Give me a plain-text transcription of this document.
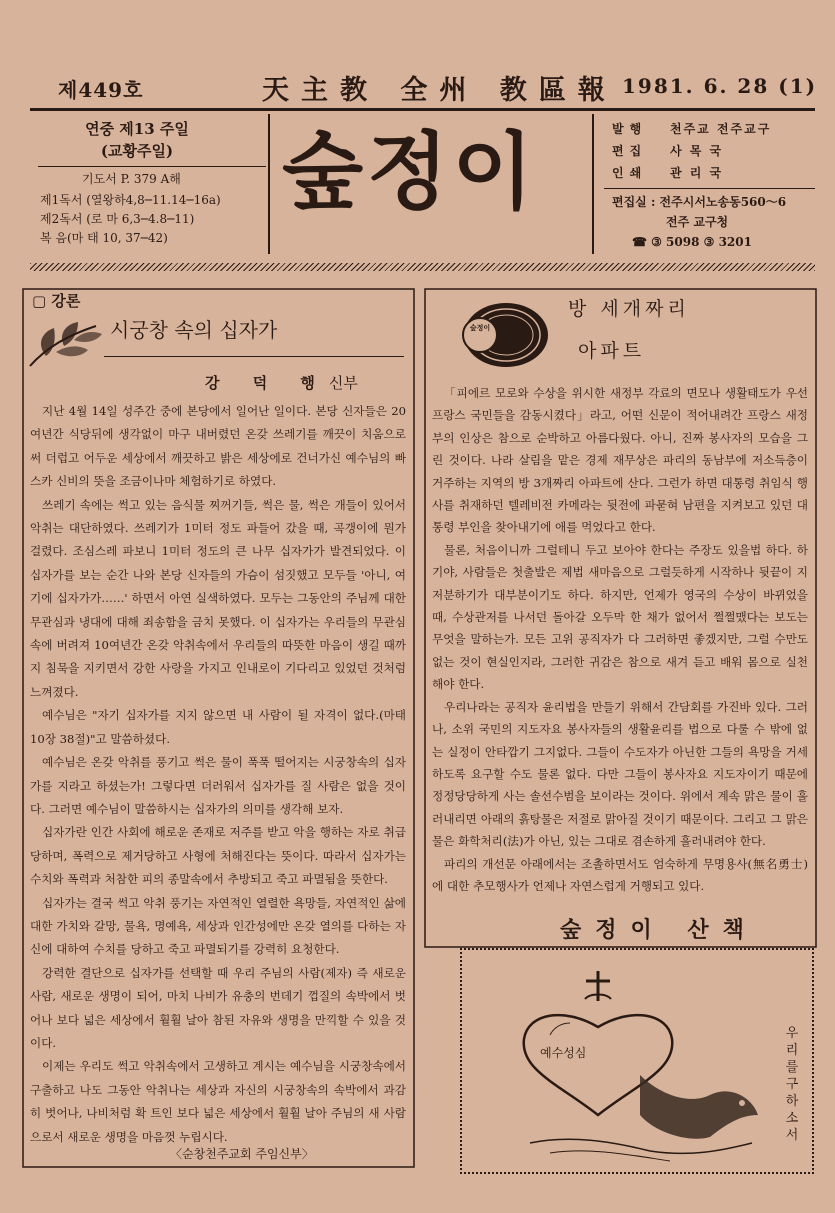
제449호	天主教 全州 教區報 1981. 6. 28 (1)
연중 제13 주일
(교황주일)
기도서 P. 379 A해
제1독서 (열왕하4,8─11.14─16a)
제2독서 (로 마 6,3─4.8─11)
복 음(마 태 10, 37─42)
숲정이	발행 천주교 전주교구
편집 사 목 국
인쇄 관 리 국
편집실 : 전주시서노송동560～6
전주 교구청
☎ ③ 5098 ③ 3201
▢ 강론
시궁창 속의 십자가
강 덕 행신부

지난 4월 14일 성주간 중에 본당에서 일어난 일이다. 본당 신자들은 20여년간 식당뒤에 생각없이 마구 내버렸던 온갖 쓰레기를 깨끗이 치움으로써 더럽고 어두운 세상에서 깨끗하고 밝은 세상에로 건너가신 예수님의 빠스카 신비의 뜻을 조금이나마 체험하기로 하였다.

쓰레기 속에는 썩고 있는 음식물 찌꺼기들, 썩은 물, 썩은 개들이 있어서 악취는 대단하였다. 쓰레기가 1미터 정도 파들어 갔을 때, 곡갱이에 뭔가 걸렸다. 조심스레 파보니 1미터 정도의 큰 나무 십자가가 발견되었다. 이 십자가를 보는 순간 나와 본당 신자들의 가슴이 섬짓했고 모두들 '아니, 여기에 십자가가……' 하면서 아연 실색하였다. 모두는 그동안의 주님께 대한 무관심과 냉대에 대해 죄송함을 금치 못했다. 이 십자가는 우리들의 무관심속에 버려져 10여년간 온갖 악취속에서 우리들의 따뜻한 마음이 생길 때까지 침묵을 지키면서 강한 사랑을 가지고 인내로이 기다리고 있었던 것처럼 느껴졌다.

예수님은 "자기 십자가를 지지 않으면 내 사람이 될 자격이 없다.(마태 10장 38절)"고 말씀하셨다.

예수님은 온갖 악취를 풍기고 썩은 물이 푹푹 떨어지는 시궁창속의 십자가를 지라고 하셨는가! 그렇다면 더러워서 십자가를 질 사람은 없을 것이다. 그러면 예수님이 말씀하시는 십자가의 의미를 생각해 보자.

십자가란 인간 사회에 해로운 존재로 저주를 받고 악을 행하는 자로 취급당하며, 폭력으로 제거당하고 사형에 처해진다는 뜻이다. 따라서 십자가는 수치와 폭력과 처참한 피의 종말속에서 추방되고 죽고 파멸됨을 뜻한다.

십자가는 결국 썩고 악취 풍기는 자연적인 열렬한 욕망들, 자연적인 삶에 대한 가치와 갈망, 물욕, 명예욕, 세상과 인간성에만 온갖 열의를 다하는 자신에 대하여 수치를 당하고 죽고 파멸되기를 강력히 요청한다.

강력한 결단으로 십자가를 선택할 때 우리 주님의 사람(제자) 즉 새로운 사람, 새로운 생명이 되어, 마치 나비가 유충의 번데기 껍질의 속박에서 벗어나 보다 넓은 세상에서 훨훨 날아 참된 자유와 생명을 만끽할 수 있을 것이다.

이제는 우리도 썩고 악취속에서 고생하고 계시는 예수님을 시궁창속에서 구출하고 나도 그동안 악취나는 세상과 자신의 시궁창속의 속박에서 과감히 벗어나, 나비처럼 확 트인 보다 넓은 세상에서 훨훨 날아 주님의 새 사람으로서 새로운 생명을 마음껏 누립시다.

〈순창천주교회 주임신부〉
숲정이
방 세개짜리
아파트

「피에르 모로와 수상을 위시한 새정부 각료의 면모나 생활태도가 우선 프랑스 국민들을 감동시켰다」라고, 어떤 신문이 적어내려간 프랑스 새정부의 인상은 참으로 순박하고 아름다웠다. 아니, 진짜 봉사자의 모습을 그린 것이다. 나라 살림을 맡은 경제 재무상은 파리의 동남부에 저소득층이 거주하는 지역의 방 3개짜리 아파트에 산다. 그런가 하면 대통령 취임식 행사를 취재하던 텔레비전 카메라는 뒷전에 파묻혀 남편을 지켜보고 있던 대통령 부인을 찾아내기에 애를 먹었다고 한다.

물론, 처음이니까 그럴테니 두고 보아야 한다는 주장도 있을법 하다. 하기야, 사람들은 첫출발은 제법 새마음으로 그럴듯하게 시작하나 뒷끝이 지저분하기가 대부분이기도 하다. 하지만, 언제가 영국의 수상이 바뀌었을 때, 수상관저를 나서던 돌아갈 오두막 한 채가 없어서 쩔쩔맸다는 보도는 무엇을 말하는가. 모든 고위 공직자가 다 그러하면 좋겠지만, 그럴 수만도 없는 것이 현실인지라, 그러한 귀감은 참으로 새겨 듣고 배워 몸으로 실천해야 한다.

우리나라는 공직자 윤리법을 만들기 위해서 간담회를 가진바 있다. 그러나, 소위 국민의 지도자요 봉사자들의 생활윤리를 법으로 다룰 수 밖에 없는 실정이 안타깝기 그지없다. 그들이 수도자가 아닌한 그들의 욕망을 거세하도록 요구할 수도 물론 없다. 다만 그들이 봉사자요 지도자이기 때문에 정정당당하게 사는 솔선수범을 보이라는 것이다. 위에서 계속 맑은 물이 흘러내리면 아래의 흙탕물은 저절로 맑아질 것이기 때문이다. 그리고 그 맑은 물은 화학처리(法)가 아닌, 있는 그대로 겸손하게 흘러내려야 한다.

파리의 개선문 아래에서는 조촐하면서도 엄숙하게 무명용사(無名勇士)에 대한 추모행사가 언제나 자연스럽게 거행되고 있다.

숲정이 산책
예수성심
우리를 구하소서
